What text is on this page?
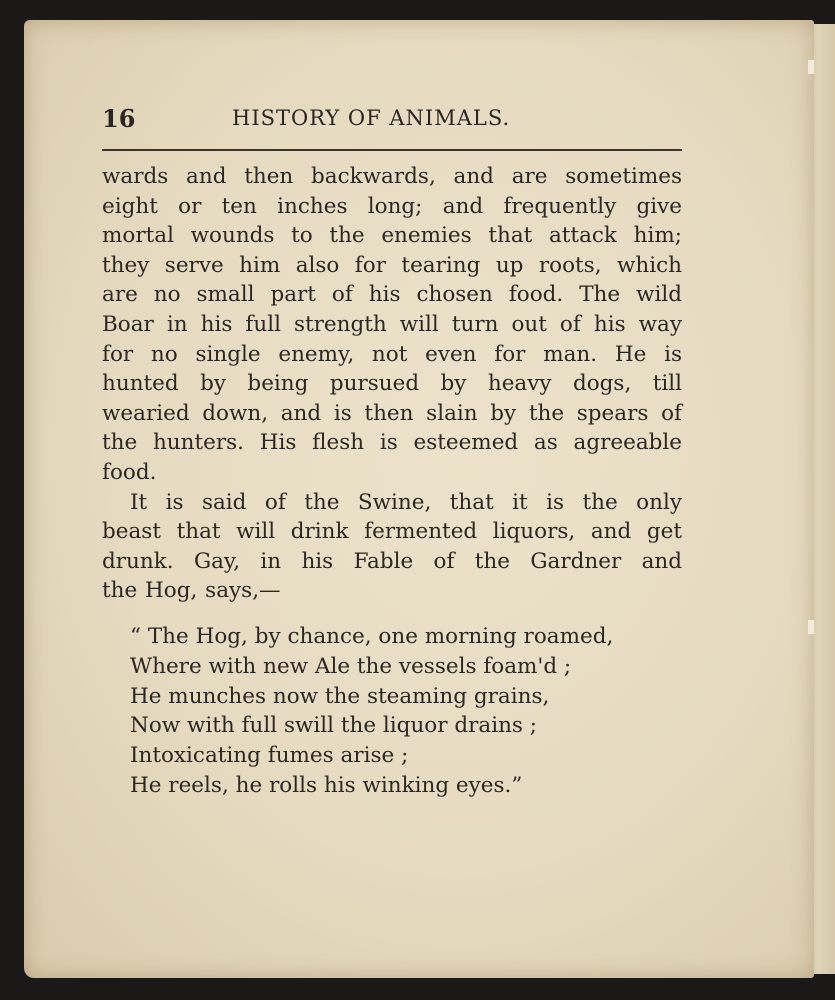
16	HISTORY OF ANIMALS.
wards and then backwards, and are sometimes
eight or ten inches long; and frequently give
mortal wounds to the enemies that attack him;
they serve him also for tearing up roots, which
are no small part of his chosen food. The wild
Boar in his full strength will turn out of his way
for no single enemy, not even for man. He is
hunted by being pursued by heavy dogs, till
wearied down, and is then slain by the spears of
the hunters. His flesh is esteemed as agreeable
food.
It is said of the Swine, that it is the only
beast that will drink fermented liquors, and get
drunk. Gay, in his Fable of the Gardner and
the Hog, says,—
“ The Hog, by chance, one morning roamed,
Where with new Ale the vessels foam'd ;
He munches now the steaming grains,
Now with full swill the liquor drains ;
Intoxicating fumes arise ;
He reels, he rolls his winking eyes.”
